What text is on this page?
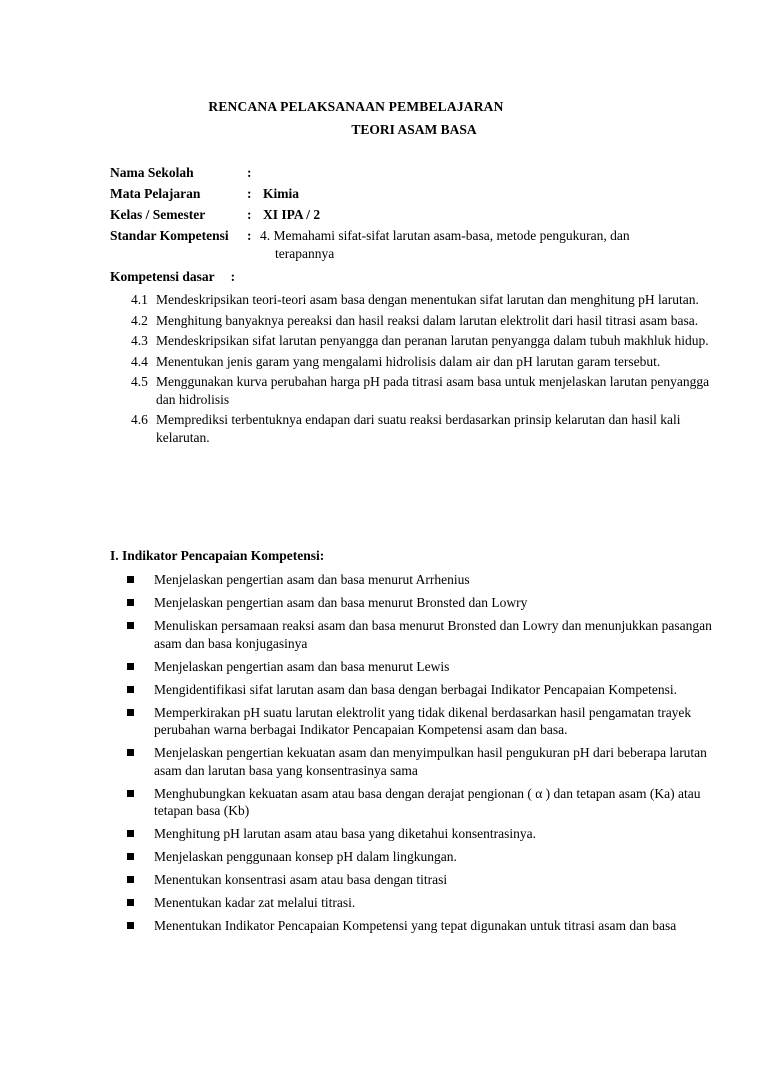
RENCANA PELAKSANAAN PEMBELAJARAN
TEORI ASAM BASA
Nama Sekolah	:
Mata Pelajaran	: Kimia
Kelas / Semester	: XI IPA / 2
Standar Kompetensi : 4. Memahami sifat-sifat larutan asam-basa, metode pengukuran, dan
terapannya
Kompetensi dasar :
4.1 Mendeskripsikan teori-teori asam basa dengan menentukan sifat larutan dan menghitung pH larutan.
4.2 Menghitung banyaknya pereaksi dan hasil reaksi dalam larutan elektrolit dari hasil titrasi asam basa.
4.3 Mendeskripsikan sifat larutan penyangga dan peranan larutan penyangga dalam tubuh makhluk hidup.
4.4 Menentukan jenis garam yang mengalami hidrolisis dalam air dan pH larutan garam tersebut.
4.5 Menggunakan kurva perubahan harga pH pada titrasi asam basa untuk menjelaskan larutan penyangga dan hidrolisis
4.6 Memprediksi terbentuknya endapan dari suatu reaksi berdasarkan prinsip kelarutan dan hasil kali kelarutan.
I. Indikator Pencapaian Kompetensi:
Menjelaskan pengertian asam dan basa menurut Arrhenius
Menjelaskan pengertian asam dan basa menurut Bronsted dan Lowry
Menuliskan persamaan reaksi asam dan basa menurut Bronsted dan Lowry dan menunjukkan pasangan asam dan basa konjugasinya
Menjelaskan pengertian asam dan basa menurut Lewis
Mengidentifikasi sifat larutan asam dan basa dengan berbagai Indikator Pencapaian Kompetensi.
Memperkirakan pH suatu larutan elektrolit yang tidak dikenal berdasarkan hasil pengamatan trayek perubahan warna berbagai Indikator Pencapaian Kompetensi asam dan basa.
Menjelaskan pengertian kekuatan asam dan menyimpulkan hasil pengukuran pH dari beberapa larutan asam dan larutan basa yang konsentrasinya sama
Menghubungkan kekuatan asam atau basa dengan derajat pengionan ( α ) dan tetapan asam (Ka) atau tetapan basa (Kb)
Menghitung pH larutan asam atau basa yang diketahui konsentrasinya.
Menjelaskan penggunaan konsep pH dalam lingkungan.
Menentukan konsentrasi asam atau basa dengan titrasi
Menentukan kadar zat melalui titrasi.
Menentukan Indikator Pencapaian Kompetensi yang tepat digunakan untuk titrasi asam dan basa
